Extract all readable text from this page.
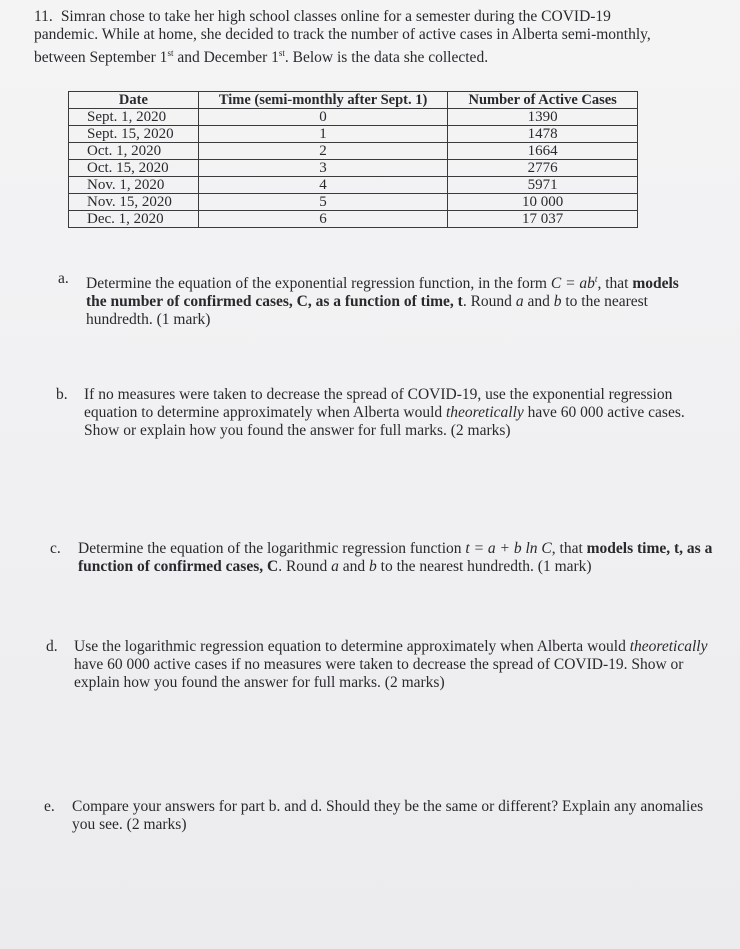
11. Simran chose to take her high school classes online for a semester during the COVID-19 pandemic. While at home, she decided to track the number of active cases in Alberta semi-monthly, between September 1st and December 1st. Below is the data she collected.
Date	Time (semi-monthly after Sept. 1)	Number of Active Cases
Sept. 1, 2020	0	1390
Sept. 15, 2020	1	1478
Oct. 1, 2020	2	1664
Oct. 15, 2020	3	2776
Nov. 1, 2020	4	5971
Nov. 15, 2020	5	10 000
Dec. 1, 2020	6	17 037
a. Determine the equation of the exponential regression function, in the form $C = ab^t$, that models the number of confirmed cases, C, as a function of time, t. Round a and b to the nearest hundredth. (1 mark)
b. If no measures were taken to decrease the spread of COVID-19, use the exponential regression equation to determine approximately when Alberta would theoretically have 60 000 active cases. Show or explain how you found the answer for full marks. (2 marks)
c. Determine the equation of the logarithmic regression function t = a + b ln C, that models time, t, as a function of confirmed cases, C. Round a and b to the nearest hundredth. (1 mark)
d. Use the logarithmic regression equation to determine approximately when Alberta would theoretically have 60 000 active cases if no measures were taken to decrease the spread of COVID-19. Show or explain how you found the answer for full marks. (2 marks)
e. Compare your answers for part b. and d. Should they be the same or different? Explain any anomalies you see. (2 marks)
